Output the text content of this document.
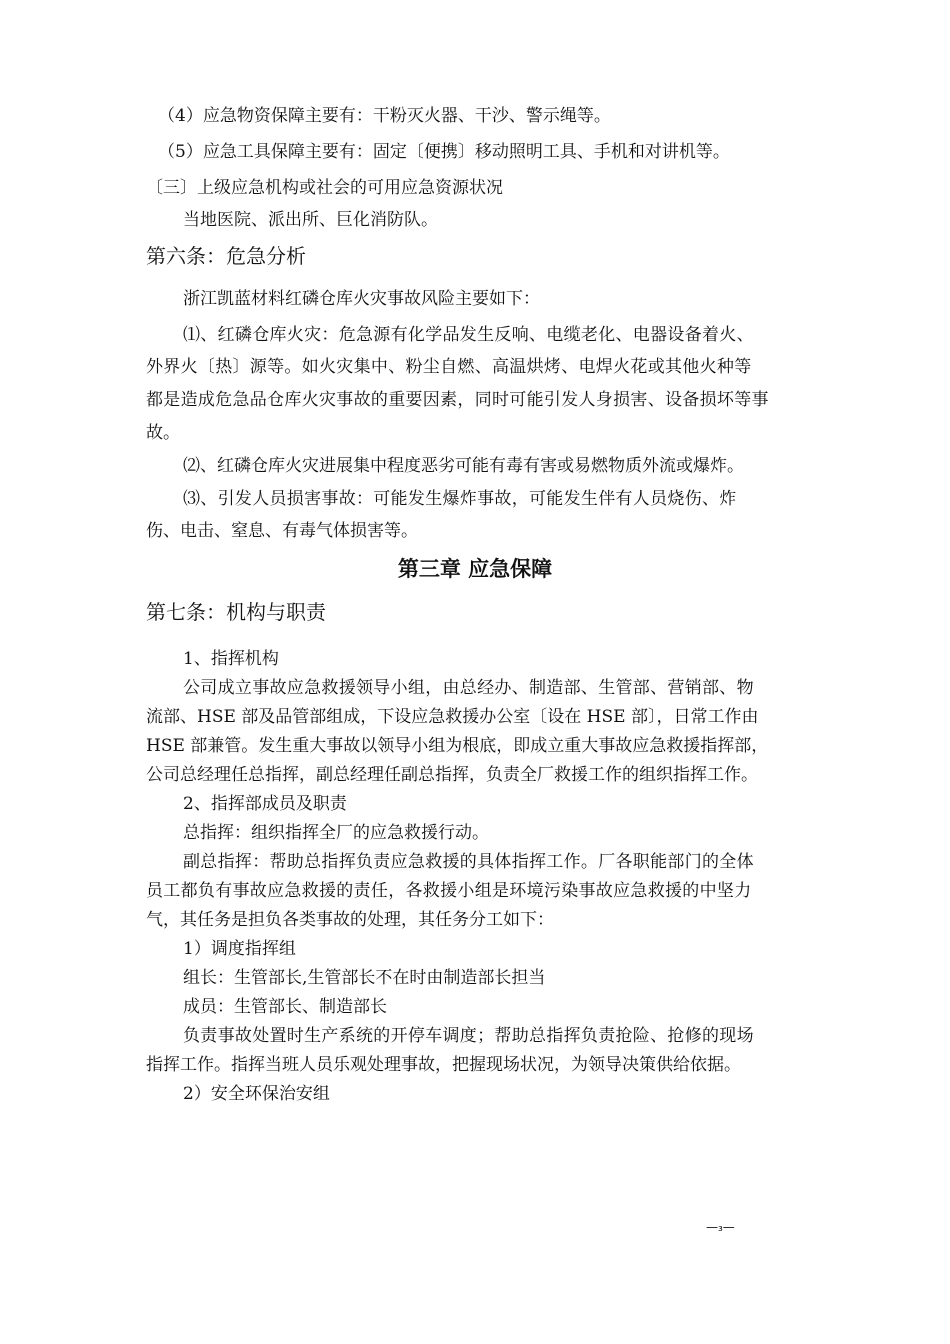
（4）应急物资保障主要有：干粉灭火器、干沙、警示绳等。
（5）应急工具保障主要有：固定〔便携〕移动照明工具、手机和对讲机等。
〔三〕上级应急机构或社会的可用应急资源状况
当地医院、派出所、巨化消防队。
第六条：危急分析
浙江凯蓝材料红磷仓库火灾事故风险主要如下：
⑴、红磷仓库火灾：危急源有化学品发生反响、电缆老化、电器设备着火、
外界火〔热〕源等。如火灾集中、粉尘自燃、高温烘烤、电焊火花或其他火种等
都是造成危急品仓库火灾事故的重要因素，同时可能引发人身损害、设备损坏等事
故。
⑵、红磷仓库火灾进展集中程度恶劣可能有毒有害或易燃物质外流或爆炸。
⑶、引发人员损害事故：可能发生爆炸事故，可能发生伴有人员烧伤、炸
伤、电击、窒息、有毒气体损害等。
第三章 应急保障
第七条：机构与职责
1、指挥机构
公司成立事故应急救援领导小组，由总经办、制造部、生管部、营销部、物
流部、HSE 部及品管部组成，下设应急救援办公室〔设在 HSE 部〕，日常工作由
HSE 部兼管。发生重大事故以领导小组为根底，即成立重大事故应急救援指挥部，
公司总经理任总指挥，副总经理任副总指挥，负责全厂救援工作的组织指挥工作。
2、指挥部成员及职责
总指挥：组织指挥全厂的应急救援行动。
副总指挥：帮助总指挥负责应急救援的具体指挥工作。厂各职能部门的全体
员工都负有事故应急救援的责任，各救援小组是环境污染事故应急救援的中坚力
气，其任务是担负各类事故的处理，其任务分工如下：
1）调度指挥组
组长：生管部长,生管部长不在时由制造部长担当
成员：生管部长、制造部长
负责事故处置时生产系统的开停车调度；帮助总指挥负责抢险、抢修的现场
指挥工作。指挥当班人员乐观处理事故，把握现场状况，为领导决策供给依据。
2）安全环保治安组
—₃—
